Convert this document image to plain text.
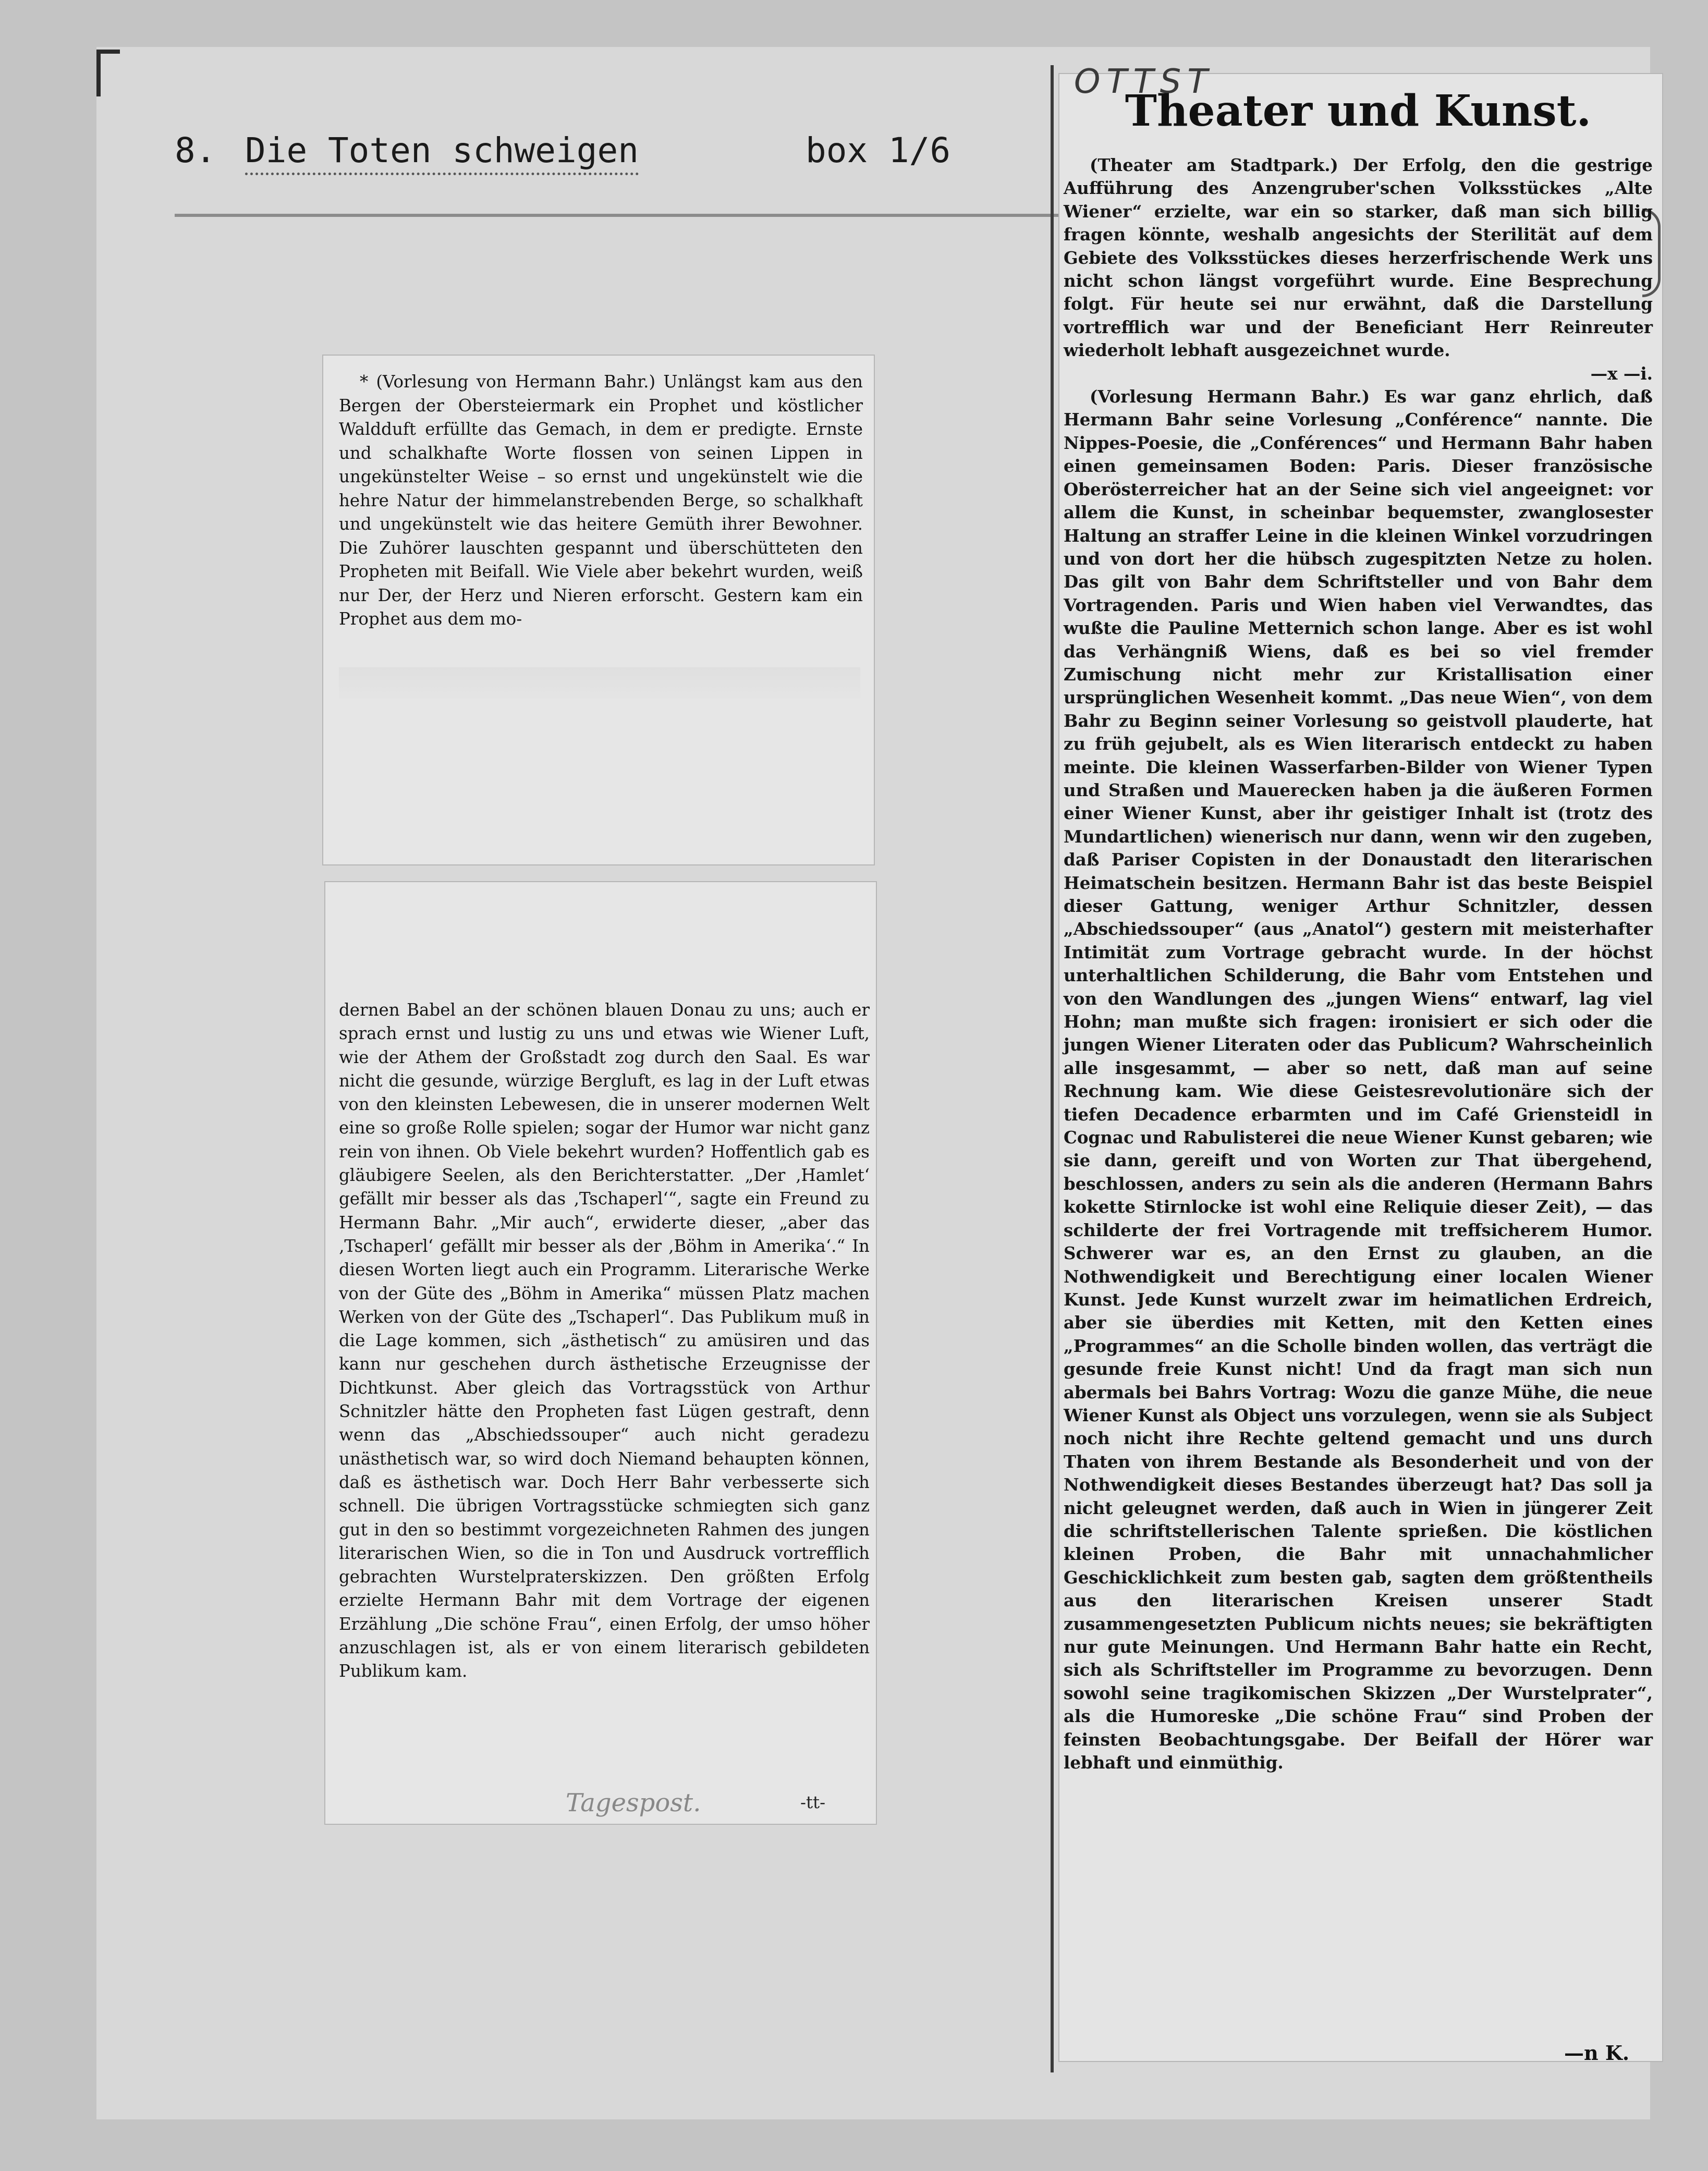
8. Die Toten schweigen	box 1/6

* (Vorlesung von Hermann Bahr.) Unlängst kam aus den Bergen der Obersteiermark ein Prophet und köstlicher Waldduft erfüllte das Gemach, in dem er predigte. Ernste und schalkhafte Worte flossen von seinen Lippen in ungekünstelter Weise – so ernst und ungekünstelt wie die hehre Natur der himmelanstrebenden Berge, so schalkhaft und ungekünstelt wie das heitere Gemüth ihrer Bewohner. Die Zuhörer lauschten gespannt und überschütteten den Propheten mit Beifall. Wie Viele aber bekehrt wurden, weiß nur Der, der Herz und Nieren erforscht. Gestern kam ein Prophet aus dem mo-

dernen Babel an der schönen blauen Donau zu uns; auch er sprach ernst und lustig zu uns und etwas wie Wiener Luft, wie der Athem der Großstadt zog durch den Saal. Es war nicht die gesunde, würzige Bergluft, es lag in der Luft etwas von den kleinsten Lebewesen, die in unserer modernen Welt eine so große Rolle spielen; sogar der Humor war nicht ganz rein von ihnen. Ob Viele bekehrt wurden? Hoffentlich gab es gläubigere Seelen, als den Berichterstatter. „Der ‚Hamlet‘ gefällt mir besser als das ‚Tschaperl‘“, sagte ein Freund zu Hermann Bahr. „Mir auch“, erwiderte dieser, „aber das ‚Tschaperl‘ gefällt mir besser als der ‚Böhm in Amerika‘.“ In diesen Worten liegt auch ein Programm. Literarische Werke von der Güte des „Böhm in Amerika“ müssen Platz machen Werken von der Güte des „Tschaperl“. Das Publikum muß in die Lage kommen, sich „ästhetisch“ zu amüsiren und das kann nur geschehen durch ästhetische Erzeugnisse der Dichtkunst. Aber gleich das Vortragsstück von Arthur Schnitzler hätte den Propheten fast Lügen gestraft, denn wenn das „Abschiedssouper“ auch nicht geradezu unästhetisch war, so wird doch Niemand behaupten können, daß es ästhetisch war. Doch Herr Bahr verbesserte sich schnell. Die übrigen Vortragsstücke schmiegten sich ganz gut in den so bestimmt vorgezeichneten Rahmen des jungen literarischen Wien, so die in Ton und Ausdruck vortrefflich gebrachten Wurstelpraterskizzen. Den größten Erfolg erzielte Hermann Bahr mit dem Vortrage der eigenen Erzählung „Die schöne Frau“, einen Erfolg, der umso höher anzuschlagen ist, als er von einem literarisch gebildeten Publikum kam.

Tagespost.	-tt-
OTTST
Theater und Kunst.

(Theater am Stadtpark.) Der Erfolg, den die gestrige Aufführung des Anzengruber'schen Volksstückes „Alte Wiener“ erzielte, war ein so starker, daß man sich billig fragen könnte, weshalb angesichts der Sterilität auf dem Gebiete des Volksstückes dieses herzerfrischende Werk uns nicht schon längst vorgeführt wurde. Eine Besprechung folgt. Für heute sei nur erwähnt, daß die Darstellung vortrefflich war und der Beneficiant Herr Reinreuter wiederholt lebhaft ausgezeichnet wurde.

—x —i.

(Vorlesung Hermann Bahr.) Es war ganz ehrlich, daß Hermann Bahr seine Vorlesung „Conférence“ nannte. Die Nippes-Poesie, die „Conférences“ und Hermann Bahr haben einen gemeinsamen Boden: Paris. Dieser französische Oberösterreicher hat an der Seine sich viel angeeignet: vor allem die Kunst, in scheinbar bequemster, zwanglosester Haltung an straffer Leine in die kleinen Winkel vorzudringen und von dort her die hübsch zugespitzten Netze zu holen. Das gilt von Bahr dem Schriftsteller und von Bahr dem Vortragenden. Paris und Wien haben viel Verwandtes, das wußte die Pauline Metternich schon lange. Aber es ist wohl das Verhängniß Wiens, daß es bei so viel fremder Zumischung nicht mehr zur Kristallisation einer ursprünglichen Wesenheit kommt. „Das neue Wien“, von dem Bahr zu Beginn seiner Vorlesung so geistvoll plauderte, hat zu früh gejubelt, als es Wien literarisch entdeckt zu haben meinte. Die kleinen Wasserfarben-Bilder von Wiener Typen und Straßen und Mauerecken haben ja die äußeren Formen einer Wiener Kunst, aber ihr geistiger Inhalt ist (trotz des Mundartlichen) wienerisch nur dann, wenn wir den zugeben, daß Pariser Copisten in der Donaustadt den literarischen Heimatschein besitzen. Hermann Bahr ist das beste Beispiel dieser Gattung, weniger Arthur Schnitzler, dessen „Abschiedssouper“ (aus „Anatol“) gestern mit meisterhafter Intimität zum Vortrage gebracht wurde. In der höchst unterhaltlichen Schilderung, die Bahr vom Entstehen und von den Wandlungen des „jungen Wiens“ entwarf, lag viel Hohn; man mußte sich fragen: ironisiert er sich oder die jungen Wiener Literaten oder das Publicum? Wahrscheinlich alle insgesammt, — aber so nett, daß man auf seine Rechnung kam. Wie diese Geistesrevolutionäre sich der tiefen Decadence erbarmten und im Café Griensteidl in Cognac und Rabulisterei die neue Wiener Kunst gebaren; wie sie dann, gereift und von Worten zur That übergehend, beschlossen, anders zu sein als die anderen (Hermann Bahrs kokette Stirnlocke ist wohl eine Reliquie dieser Zeit), — das schilderte der frei Vortragende mit treffsicherem Humor. Schwerer war es, an den Ernst zu glauben, an die Nothwendigkeit und Berechtigung einer localen Wiener Kunst. Jede Kunst wurzelt zwar im heimatlichen Erdreich, aber sie überdies mit Ketten, mit den Ketten eines „Programmes“ an die Scholle binden wollen, das verträgt die gesunde freie Kunst nicht! Und da fragt man sich nun abermals bei Bahrs Vortrag: Wozu die ganze Mühe, die neue Wiener Kunst als Object uns vorzulegen, wenn sie als Subject noch nicht ihre Rechte geltend gemacht und uns durch Thaten von ihrem Bestande als Besonderheit und von der Nothwendigkeit dieses Bestandes überzeugt hat? Das soll ja nicht geleugnet werden, daß auch in Wien in jüngerer Zeit die schriftstellerischen Talente sprießen. Die köstlichen kleinen Proben, die Bahr mit unnachahmlicher Geschicklichkeit zum besten gab, sagten dem größtentheils aus den literarischen Kreisen unserer Stadt zusammengesetzten Publicum nichts neues; sie bekräftigten nur gute Meinungen. Und Hermann Bahr hatte ein Recht, sich als Schriftsteller im Programme zu bevorzugen. Denn sowohl seine tragikomischen Skizzen „Der Wurstelprater“, als die Humoreske „Die schöne Frau“ sind Proben der feinsten Beobachtungsgabe. Der Beifall der Hörer war lebhaft und einmüthig.

—n K.
